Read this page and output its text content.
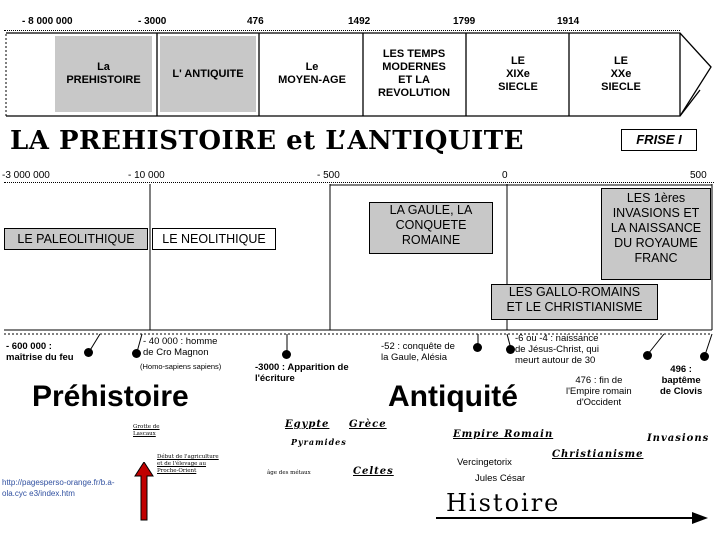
- 8 000 000	- 3000	476	1492	1799	1914
La
PREHISTOIRE
L' ANTIQUITE
Le
MOYEN-AGE
LES TEMPS
MODERNES
ET LA
REVOLUTION
LE
XIXe
SIECLE
LE
XXe
SIECLE
LA PREHISTOIRE et L’ANTIQUITE	FRISE I
-3 000 000	- 10 000	- 500	0	500
LE PALEOLITHIQUE	LE NEOLITHIQUE
LA GAULE, LA
CONQUETE
ROMAINE
LES 1ères
INVASIONS ET
LA NAISSANCE
DU ROYAUME
FRANC
LES GALLO-ROMAINS
ET LE CHRISTIANISME
- 600 000 :
maîtrise du feu
- 40 000 : homme
de Cro Magnon
(Homo-sapiens sapiens)	-3000 : Apparition de
l'écriture
-52 : conquête de
la Gaule, Alésia
-6 ou -4 : naissance
de Jésus-Christ, qui
meurt autour de 30
476 : fin de
l'Empire romain
d'Occident
496 :
baptême
de Clovis
Préhistoire	Antiquité
Grotte de
Lascaux
Début de l'agriculture
et de l'élevage au
Proche-Orient	âge des métaux
Egypte
Pyramides
Grèce
Celtes
Empire Romain
Vercingetorix
Jules César
Christianisme
Invasions
http://pagesperso-orange.fr/b.a-
ola.cyc e3/index.htm	Histoire
